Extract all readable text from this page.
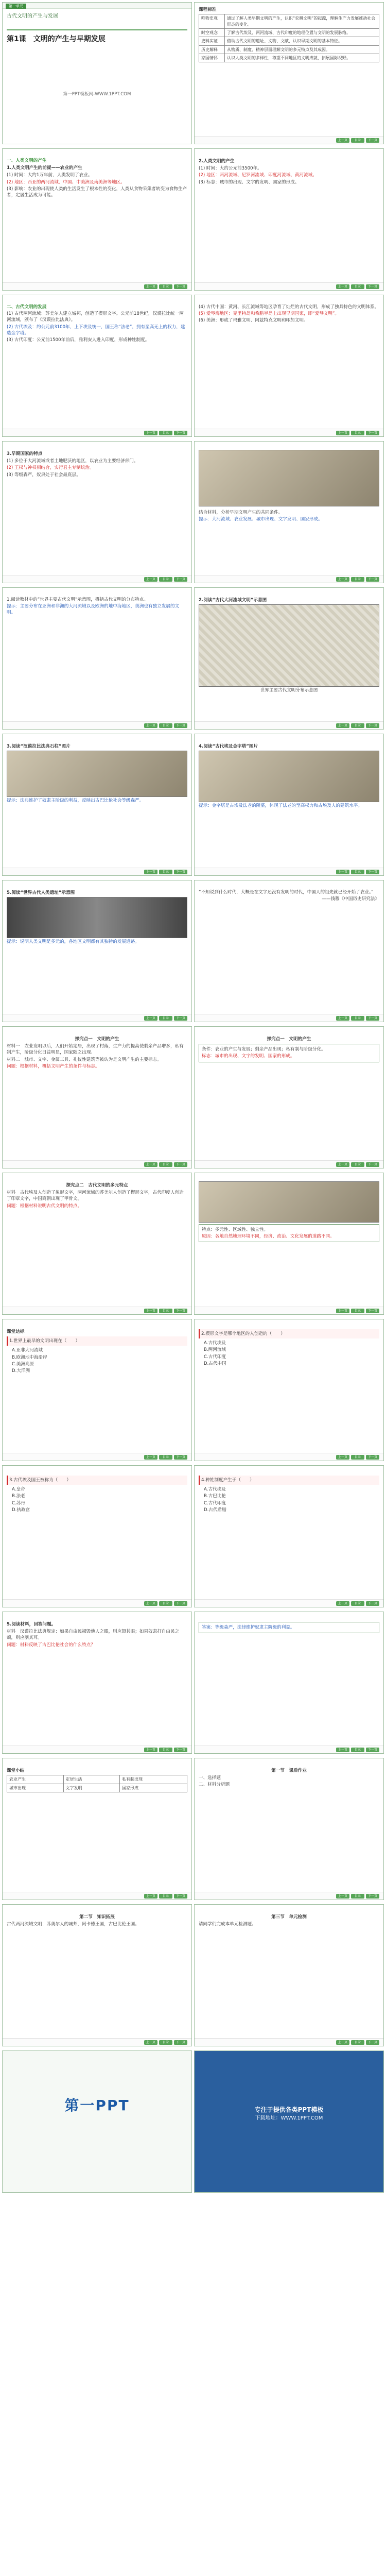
第一单元

古代文明的产生与发展

第1课　文明的产生与早期发展

第一PPT模板网-WWW.1PPT.COM

课程标准

唯物史观	通过了解人类早期文明的产生，认识“农耕文明”的起源，理解生产力发展推动社会形态的变化。
时空观念	了解古代埃及、两河流域、古代印度的地理位置与文明的发展脉络。
史料实证	借助古代文明的遗址、文物、文献，认识早期文明的基本特征。
历史解释	从物质、制度、精神层面理解文明的多元特点及其成因。
家国情怀	认识人类文明的多样性，尊重不同地区的文明成就，拓展国际视野。
上一页	目录	下一页

一、人类文明的产生

1.人类文明产生的前提——农业的产生

(1) 时间：大约1万年前，人类发明了农业。

(2) 地区：西亚的两河流域、中国、中美洲及南美洲等地区。

(3) 影响：农业的出现使人类的生活发生了根本性的变化，人类从食物采集者转变为食物生产者，定居生活成为可能。

上一页	目录	下一页

2.人类文明的产生

(1) 时间：大约公元前3500年。

(2) 地区：两河流域、尼罗河流域、印度河流域、黄河流域。

(3) 标志：城市的出现、文字的发明、国家的形成。

上一页	目录	下一页

二、古代文明的发展

(1) 古代两河流域：苏美尔人建立城邦，创造了楔形文字。公元前18世纪，汉谟拉比统一两河流域，颁布了《汉谟拉比法典》。

(2) 古代埃及：约公元前3100年，上下埃及统一，国王称“法老”，拥有至高无上的权力，建造金字塔。

(3) 古代印度：公元前1500年前后，雅利安人进入印度，形成种姓制度。

上一页	目录	下一页

(4) 古代中国：黄河、长江流域等地区孕育了灿烂的古代文明，形成了独具特色的文明体系。

(5) 爱琴海地区：克里特岛和希腊半岛上出现早期国家，即“爱琴文明”。

(6) 美洲：形成了玛雅文明、阿兹特克文明和印加文明。

上一页	目录	下一页

3.早期国家的特点

(1) 多位于大河流域或者土地肥沃的地区，以农业为主要经济部门。

(2) 王权与神权相结合，实行君主专制统治。

(3) 等级森严，奴隶处于社会最底层。

上一页	目录	下一页

结合材料，分析早期文明产生的共同条件。

提示：大河流域、农业发展、城市出现、文字发明、国家形成。

上一页	目录	下一页

1.阅读教材中的“世界主要古代文明”示意图，概括古代文明的分布特点。

提示：主要分布在亚洲和非洲的大河流域以及欧洲的地中海地区，美洲也有独立发展的文明。

上一页	目录	下一页

2.阅读“古代大河流域文明”示意图

世界主要古代文明分布示意图

上一页	目录	下一页

3.阅读“汉谟拉比法典石柱”图片

提示：法典维护了奴隶主阶级的利益，反映出古巴比伦社会等级森严。

上一页	目录	下一页

4.阅读“古代埃及金字塔”图片

提示：金字塔是古埃及法老的陵墓，体现了法老的至高权力和古埃及人的建筑水平。

上一页	目录	下一页

5.阅读“世界古代人类遗址”示意图

提示：说明人类文明是多元的，各地区文明都有其独特的发展道路。

上一页	目录	下一页

“不知说到什么时代，大概是在文字还没有发明的时代，中国人的祖先就已经开始了农业。”

——钱穆《中国历史研究法》

上一页	目录	下一页

探究点一　文明的产生

材料一　农业发明以后，人们开始定居，出现了村落，生产力的提高使剩余产品增多，私有制产生，阶级分化日益明显，国家随之出现。

材料二　城市、文字、金属工具、礼仪性建筑等被认为是文明产生的主要标志。

问题：根据材料，概括文明产生的条件与标志。

上一页	目录	下一页

探究点一　文明的产生

条件：农业的产生与发展；剩余产品出现；私有制与阶级分化。

标志：城市的出现、文字的发明、国家的形成。

上一页	目录	下一页

探究点二　古代文明的多元特点

材料　古代埃及人创造了象形文字，两河流域的苏美尔人创造了楔形文字，古代印度人创造了印章文字，中国商朝出现了甲骨文。

问题：根据材料说明古代文明的特点。

上一页	目录	下一页

特点：多元性、区域性、独立性。

原因：各地自然地理环境不同，经济、政治、文化发展的道路不同。

上一页	目录	下一页

课堂达标

1.世界上最早的文明出现在（　　）

A.亚非大河流域

B.欧洲地中海沿岸

C.美洲高原

D.大洋洲

上一页	目录	下一页

2.楔形文字是哪个地区的人创造的（　　）

A.古代埃及

B.两河流域

C.古代印度

D.古代中国

上一页	目录	下一页

3.古代埃及国王被称为（　　）

A.皇帝

B.法老

C.苏丹

D.执政官

上一页	目录	下一页

4.种姓制度产生于（　　）

A.古代埃及

B.古巴比伦

C.古代印度

D.古代希腊

上一页	目录	下一页

5.阅读材料，回答问题。

材料　汉谟拉比法典规定：如果自由民损毁他人之眼，则应毁其眼；如果奴隶打自由民之颊，则应割其耳。

问题：材料反映了古巴比伦社会的什么特点？

上一页	目录	下一页

答案：等级森严，法律维护奴隶主阶级的利益。

上一页	目录	下一页

课堂小结

农业产生	定居生活	私有制出现
城市出现	文字发明	国家形成
上一页	目录	下一页

第一节　课后作业

一、选择题

二、材料分析题

上一页	目录	下一页

第二节　知识拓展

古代两河流域文明：苏美尔人的城邦，阿卡德王国，古巴比伦王国。

上一页	目录	下一页

第三节　单元检测

请同学们完成本单元检测题。

上一页	目录	下一页
第一PPT	专注于提供各类PPT模板

下载地址：WWW.1PPT.COM
